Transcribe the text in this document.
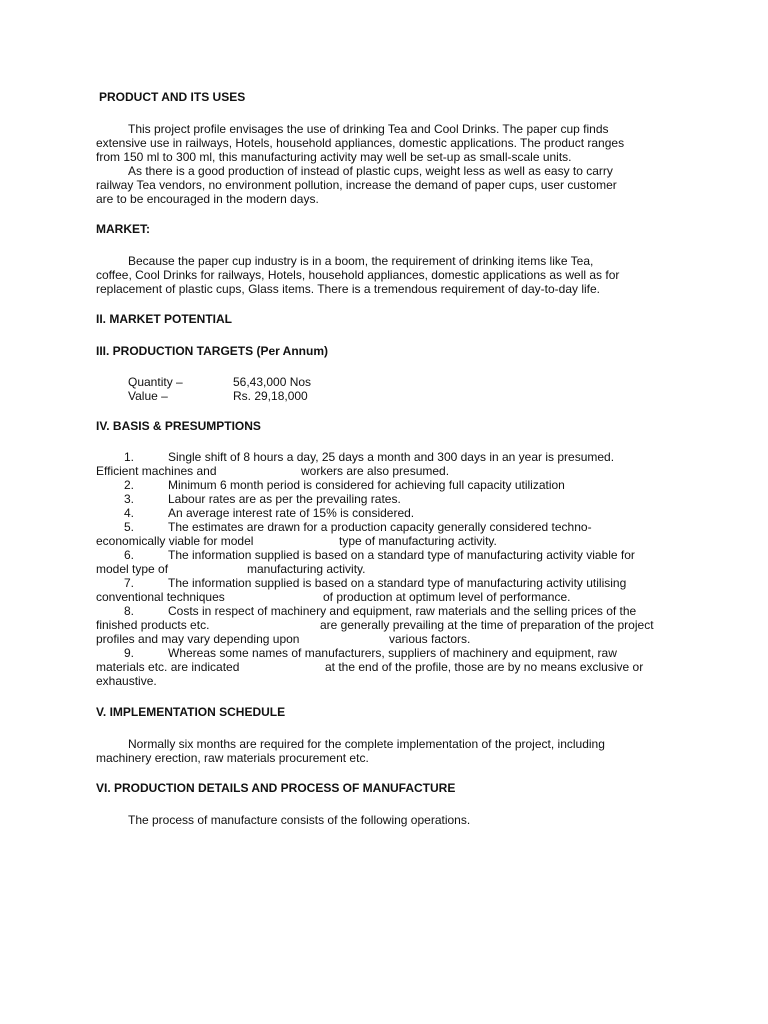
PRODUCT AND ITS USES
This project profile envisages the use of drinking Tea and Cool Drinks. The paper cup finds
extensive use in railways, Hotels, household appliances, domestic applications. The product ranges
from 150 ml to 300 ml, this manufacturing activity may well be set-up as small-scale units.
As there is a good production of instead of plastic cups, weight less as well as easy to carry
railway Tea vendors, no environment pollution, increase the demand of paper cups, user customer
are to be encouraged in the modern days.
MARKET:
Because the paper cup industry is in a boom, the requirement of drinking items like Tea,
coffee, Cool Drinks for railways, Hotels, household appliances, domestic applications as well as for
replacement of plastic cups, Glass items. There is a tremendous requirement of day-to-day life.
II. MARKET POTENTIAL
III. PRODUCTION TARGETS (Per Annum)
Quantity –	56,43,000 Nos
Value –	Rs. 29,18,000
IV. BASIS & PRESUMPTIONS
1.	Single shift of 8 hours a day, 25 days a month and 300 days in an year is presumed.
Efficient machines and	workers are also presumed.
2.	Minimum 6 month period is considered for achieving full capacity utilization
3.	Labour rates are as per the prevailing rates.
4.	An average interest rate of 15% is considered.
5.	The estimates are drawn for a production capacity generally considered techno-
economically viable for model	type of manufacturing activity.
6.	The information supplied is based on a standard type of manufacturing activity viable for
model type of	manufacturing activity.
7.	The information supplied is based on a standard type of manufacturing activity utilising
conventional techniques	of production at optimum level of performance.
8.	Costs in respect of machinery and equipment, raw materials and the selling prices of the
finished products etc.	are generally prevailing at the time of preparation of the project
profiles and may vary depending upon	various factors.
9.	Whereas some names of manufacturers, suppliers of machinery and equipment, raw
materials etc. are indicated	at the end of the profile, those are by no means exclusive or
exhaustive.
V. IMPLEMENTATION SCHEDULE
Normally six months are required for the complete implementation of the project, including
machinery erection, raw materials procurement etc.
VI. PRODUCTION DETAILS AND PROCESS OF MANUFACTURE
The process of manufacture consists of the following operations.
